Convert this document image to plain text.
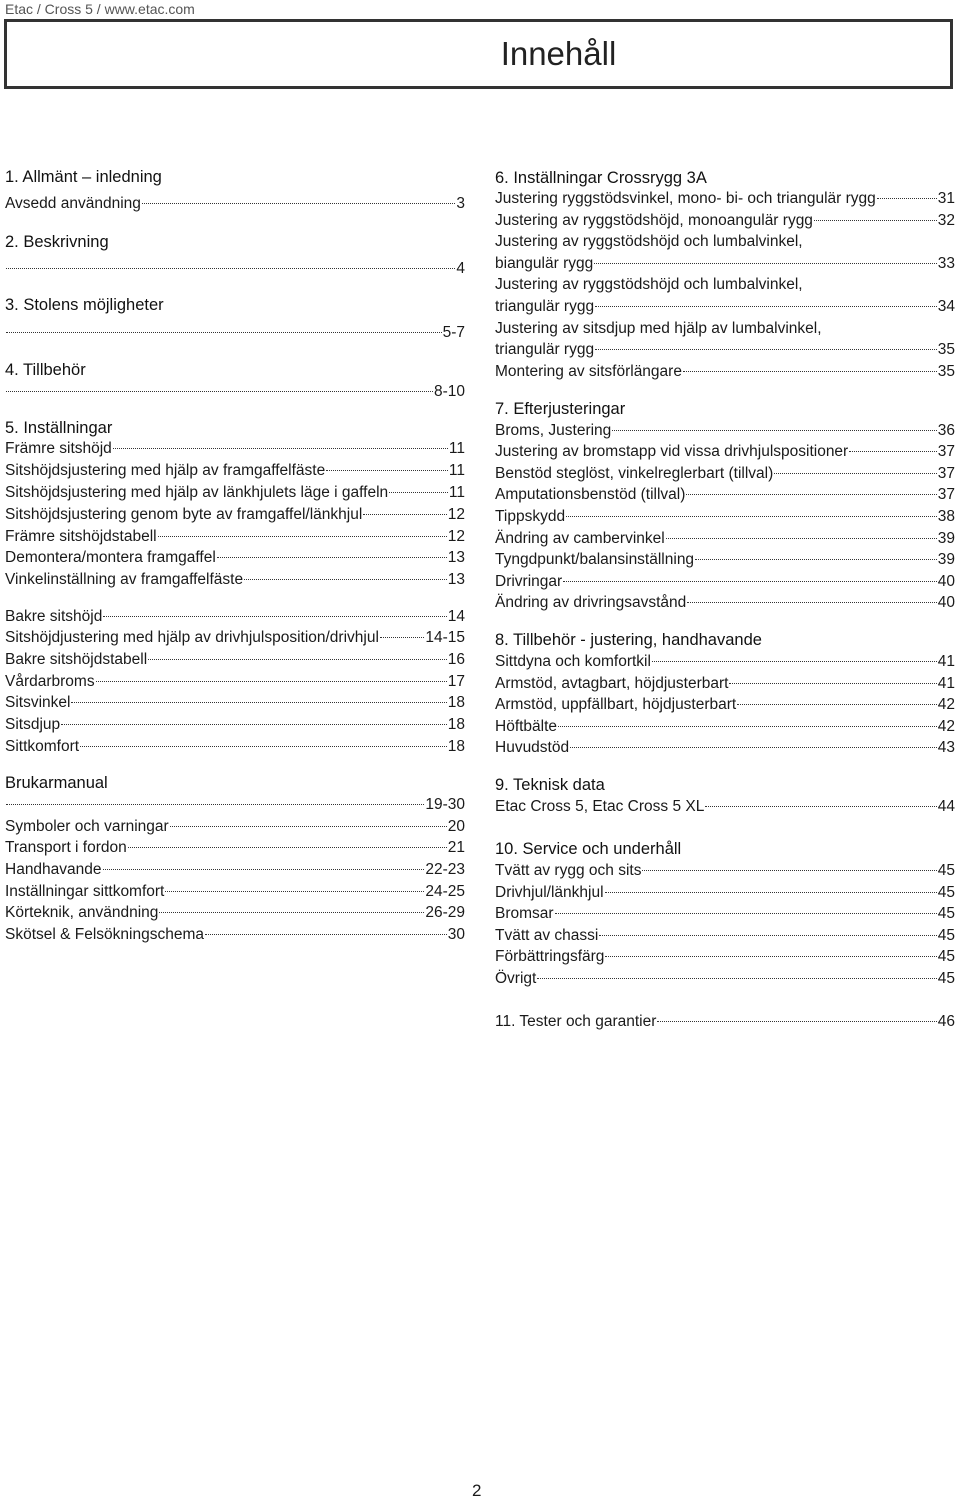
Etac / Cross 5 / www.etac.com
Innehåll
1. Allmänt – inledning
Avsedd användning	3
2. Beskrivning
4
3. Stolens möjligheter
5-7
4. Tillbehör
8-10
5. Inställningar
Främre sitshöjd	11
Sitshöjdsjustering med hjälp av framgaffelfäste	11
Sitshöjdsjustering med hjälp av länkhjulets läge i gaffeln	11
Sitshöjdsjustering genom byte av framgaffel/länkhjul	12
Främre sitshöjdstabell	12
Demontera/montera framgaffel	13
Vinkelinställning av framgaffelfäste	13
Bakre sitshöjd	14
Sitshöjdjustering med hjälp av drivhjulsposition/drivhjul	14-15
Bakre sitshöjdstabell	16
Vårdarbroms	17
Sitsvinkel	18
Sitsdjup	18
Sittkomfort	18
Brukarmanual
19-30
Symboler och varningar	20
Transport i fordon	21
Handhavande	22-23
Inställningar sittkomfort	24-25
Körteknik, användning	26-29
Skötsel & Felsökningschema	30
6. Inställningar Crossrygg 3A
Justering ryggstödsvinkel, mono- bi- och triangulär rygg	31
Justering av ryggstödshöjd, monoangulär rygg	32
Justering av ryggstödshöjd och lumbalvinkel,
biangulär rygg	33
Justering av ryggstödshöjd och lumbalvinkel,
triangulär rygg	34
Justering av sitsdjup med hjälp av lumbalvinkel,
triangulär rygg	35
Montering av sitsförlängare	35
7. Efterjusteringar
Broms, Justering	36
Justering av bromstapp vid vissa drivhjulspositioner	37
Benstöd steglöst, vinkelreglerbart (tillval)	37
Amputationsbenstöd (tillval)	37
Tippskydd	38
Ändring av cambervinkel	39
Tyngdpunkt/balansinställning	39
Drivringar	40
Ändring av drivringsavstånd	40
8. Tillbehör - justering, handhavande
Sittdyna och komfortkil	41
Armstöd, avtagbart, höjdjusterbart	41
Armstöd, uppfällbart, höjdjusterbart	42
Höftbälte	42
Huvudstöd	43
9. Teknisk data
Etac Cross 5, Etac Cross 5 XL	44
10. Service och underhåll
Tvätt av rygg och sits	45
Drivhjul/länkhjul	45
Bromsar	45
Tvätt av chassi	45
Förbättringsfärg	45
Övrigt	45
11. Tester och garantier	46
2
